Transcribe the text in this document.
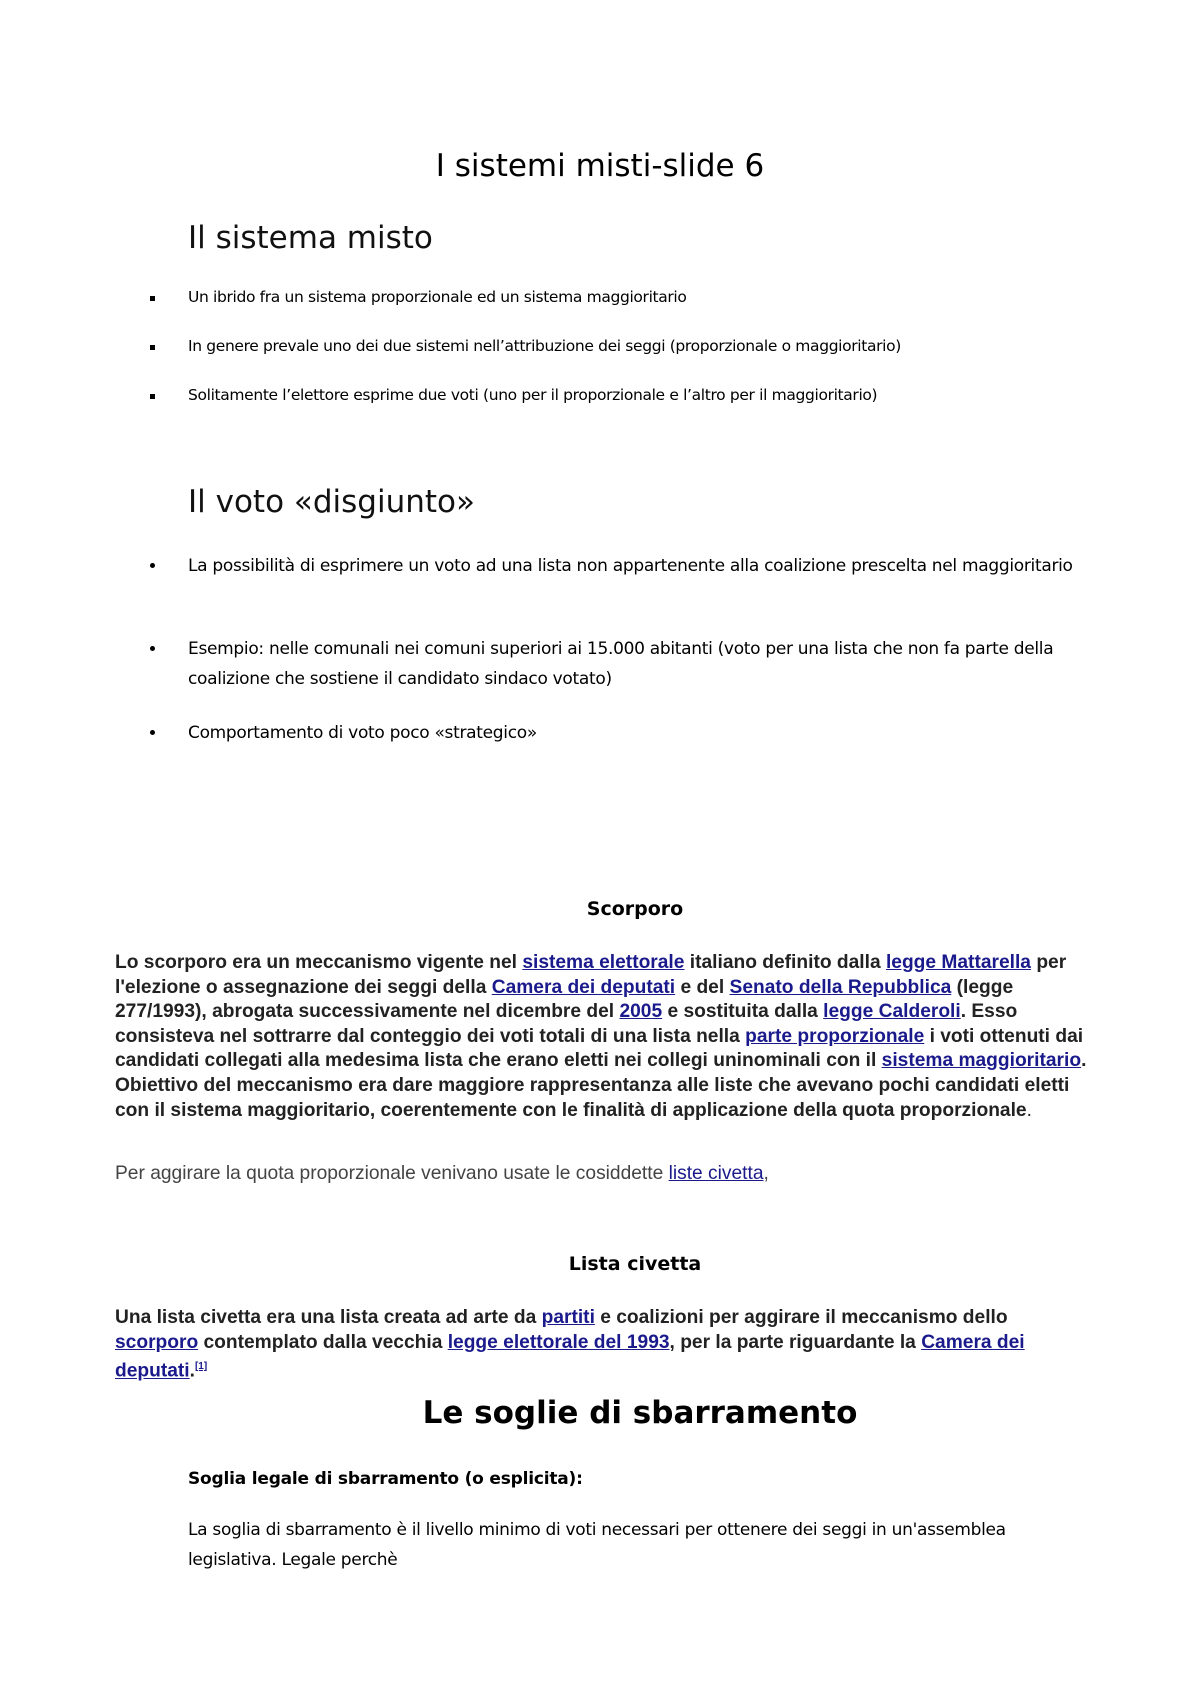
I sistemi misti-slide 6
Il sistema misto
Un ibrido fra un sistema proporzionale ed un sistema maggioritario
In genere prevale uno dei due sistemi nell’attribuzione dei seggi (proporzionale o maggioritario)
Solitamente l’elettore esprime due voti (uno per il proporzionale e l’altro per il maggioritario)
Il voto «disgiunto»
La possibilità di esprimere un voto ad una lista non appartenente alla coalizione prescelta nel maggioritario
Esempio: nelle comunali nei comuni superiori ai 15.000 abitanti (voto per una lista che non fa parte della coalizione che sostiene il candidato sindaco votato)
Comportamento di voto poco «strategico»
Scorporo
Lo scorporo era un meccanismo vigente nel sistema elettorale italiano definito dalla legge Mattarella per l'elezione o assegnazione dei seggi della Camera dei deputati e del Senato della Repubblica (legge 277/1993), abrogata successivamente nel dicembre del 2005 e sostituita dalla legge Calderoli. Esso consisteva nel sottrarre dal conteggio dei voti totali di una lista nella parte proporzionale i voti ottenuti dai candidati collegati alla medesima lista che erano eletti nei collegi uninominali con il sistema maggioritario. Obiettivo del meccanismo era dare maggiore rappresentanza alle liste che avevano pochi candidati eletti con il sistema maggioritario, coerentemente con le finalità di applicazione della quota proporzionale.
Per aggirare la quota proporzionale venivano usate le cosiddette liste civetta,
Lista civetta
Una lista civetta era una lista creata ad arte da partiti e coalizioni per aggirare il meccanismo dello scorporo contemplato dalla vecchia legge elettorale del 1993, per la parte riguardante la Camera dei deputati.[1]
Le soglie di sbarramento
Soglia legale di sbarramento (o esplicita):
La soglia di sbarramento è il livello minimo di voti necessari per ottenere dei seggi in un'assemblea legislativa. Legale perchè
